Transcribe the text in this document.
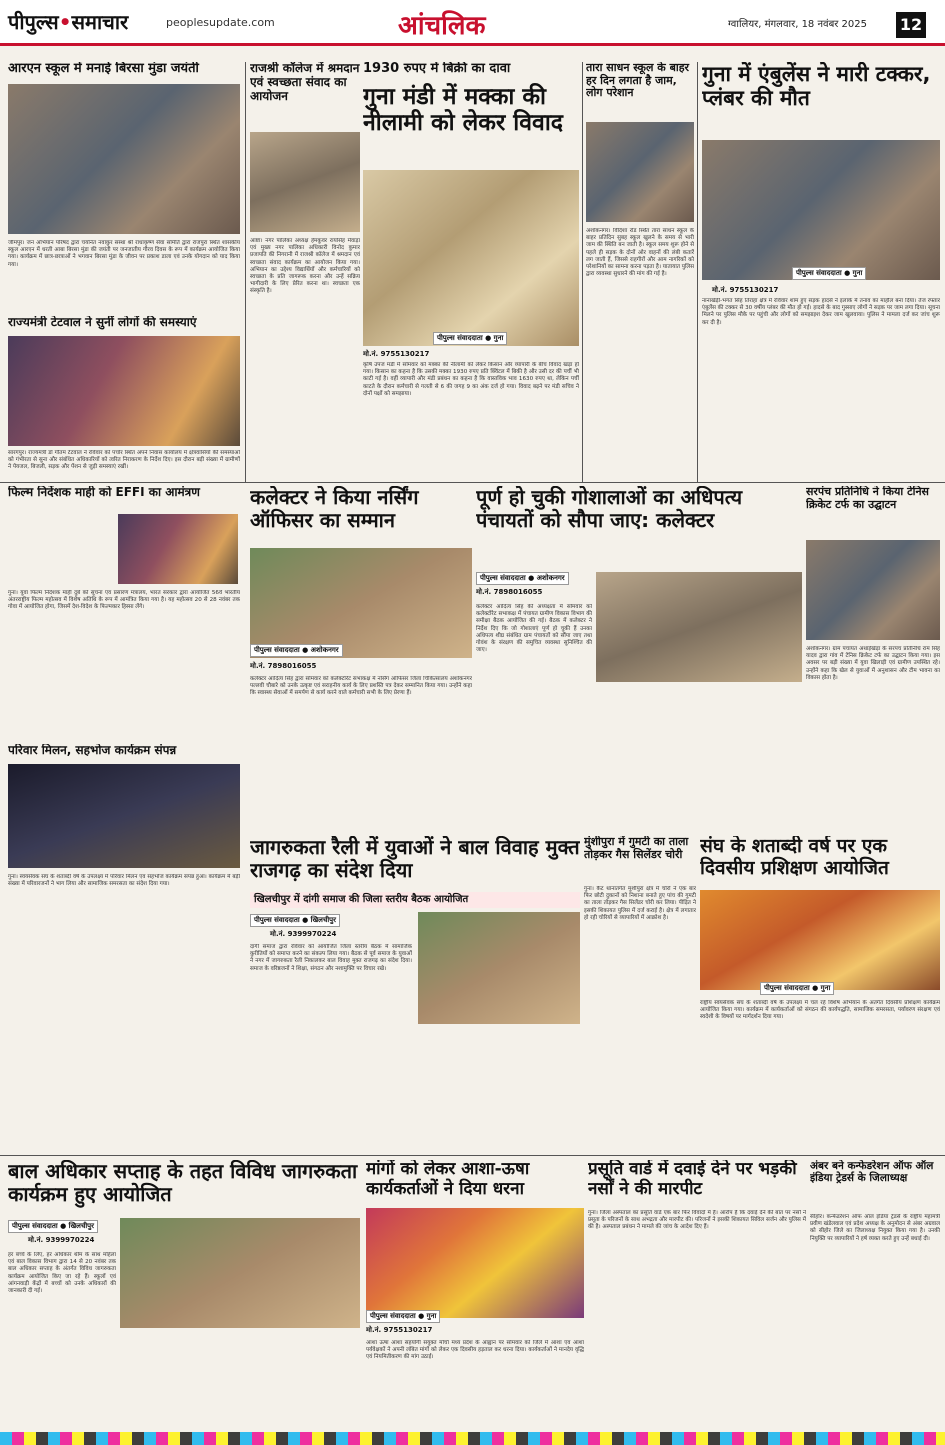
पीपुल्स•समाचार	peoplesupdate.com	आंचलिक	ग्वालियर, मंगलवार, 18 नवंबर 2025 12
आरएन स्कूल में मनाई बिरसा मुंडा जयंती
जीमपुर। जन अभियान परिषद द्वारा चयनित नवांकुर संस्था श्री राधाकृष्ण सेवा समिति द्वारा राजपुरा स्थित शासकीय स्कूल आरएन में धरती आबा बिरसा मुंडा की जयंती पर जनजातीय गौरव दिवस के रूप में कार्यक्रम आयोजित किया गया। कार्यक्रम में छात्र-छात्राओं ने भगवान बिरसा मुंडा के जीवन पर प्रकाश डाला एवं उनके योगदान को याद किया गया।
राजश्री कॉलेज में श्रमदान एवं स्वच्छता संवाद का आयोजन
आष्टा। नगर पालिका अध्यक्ष हेमकुंवर रायसिंह मेवाड़ा एवं मुख्य नगर पालिका अधिकारी विनोद कुमार प्रजापति की निगरानी में राजश्री कॉलेज में श्रमदान एवं स्वच्छता संवाद कार्यक्रम का आयोजन किया गया। अभियान का उद्देश्य विद्यार्थियों और कर्मचारियों को स्वच्छता के प्रति जागरूक करना और उन्हें सक्रिय भागीदारी के लिए प्रेरित करना था। स्वच्छता एक संस्कृति है।
1930 रुपए में बिक्री का दावा
गुना मंडी में मक्का की नीलामी को लेकर विवाद
पीपुल्स संवाददाता ● गुना
मो.नं. 9755130217
कृषि उपज मंडी में सोमवार को मक्का की नीलामी को लेकर किसान और व्यापारी के बीच विवाद खड़ा हो गया। किसान का कहना है कि उसकी मक्का 1930 रुपए प्रति क्विंटल में बिकी है और उसी दर की पर्ची भी काटी गई है। वहीं व्यापारी और मंडी प्रबंधन का कहना है कि वास्तविक भाव 1630 रुपए था, लेकिन पर्ची काटते के दौरान कर्मचारी से गलती से 6 की जगह 9 का अंक दर्ज हो गया। विवाद बढ़ने पर मंडी सचिव ने दोनों पक्षों को समझाया।
तारा साधन स्कूल के बाहर हर दिन लगता है जाम, लोग परेशान
अशोकनगर। विदिशा रोड स्थित तारा साधन स्कूल के बाहर प्रतिदिन सुबह स्कूल खुलने के समय से भारी जाम की स्थिति बन जाती है। स्कूल समय शुरू होने से पहले ही सड़क के दोनों ओर वाहनों की लंबी कतारें लग जाती हैं, जिससे राहगीरों और आम नागरिकों को परेशानियों का सामना करना पड़ता है। यातायात पुलिस द्वारा व्यवस्था सुधारने की मांग की गई है।
गुना में एंबुलेंस ने मारी टक्कर, प्लंबर की मौत
पीपुल्स संवाददाता ● गुना
मो.नं. 9755130217
नानाखेड़ी-भगत सिंह तिराहा क्षेत्र में रविवार शाम हुए सड़क हादसे ने इलाके में तनाव का माहौल बना दिया। तेज रफ्तार एंबुलेंस की टक्कर से 30 वर्षीय प्लंबर की मौत हो गई। हादसे के बाद गुस्साए लोगों ने सड़क पर जाम लगा दिया। सूचना मिलने पर पुलिस मौके पर पहुंची और लोगों को समझाइश देकर जाम खुलवाया। पुलिस ने मामला दर्ज कर जांच शुरू कर दी है।
राज्यमंत्री टेटवाल ने सुनीं लोगों की समस्याएं
सारंगपुर। राज्यमंत्री डॉ गौतम टेटवाल ने रविवार को पचोर स्थित अपने निवास कार्यालय में क्षेत्रवासियों की समस्याओं को गंभीरता से सुना और संबंधित अधिकारियों को त्वरित निराकरण के निर्देश दिए। इस दौरान बड़ी संख्या में ग्रामीणों ने पेयजल, बिजली, सड़क और पेंशन से जुड़ी समस्याएं रखीं।
फिल्म निर्देशक माही को EFFI का आमंत्रण
गुना। युवा फिल्म निर्देशक माही दुबे को सूचना एवं प्रसारण मंत्रालय, भारत सरकार द्वारा आयोजित 56वें भारतीय अंतरराष्ट्रीय फिल्म महोत्सव में विशेष अतिथि के रूप में आमंत्रित किया गया है। यह महोत्सव 20 से 28 नवंबर तक गोवा में आयोजित होगा, जिसमें देश-विदेश के फिल्मकार हिस्सा लेंगे।
परिवार मिलन, सहभोज कार्यक्रम संपन्न
गुना। स्वयंसेवक संघ के शताब्दी वर्ष के उपलक्ष्य में परिवार मिलन एवं सहभोज कार्यक्रम संपन्न हुआ। कार्यक्रम में बड़ी संख्या में परिवारजनों ने भाग लिया और सामाजिक समरसता का संदेश दिया गया।
कलेक्टर ने किया नर्सिंग ऑफिसर का सम्मान
पीपुल्स संवाददाता ● अशोकनगर
मो.नं. 7898016055
कलेक्टर आदित्य सिंह द्वारा सोमवार को कलेक्टोरेट सभाकक्ष में नर्सिंग ऑफिसर जिला चिकित्सालय अशोकनगर पल्लवी चौबारे को उनके उत्कृष्ट एवं सराहनीय कार्य के लिए प्रशस्ति पत्र देकर सम्मानित किया गया। उन्होंने कहा कि स्वास्थ्य सेवाओं में समर्पण से कार्य करने वाले कर्मचारी सभी के लिए प्रेरणा हैं।
पूर्ण हो चुकी गोशालाओं का अधिपत्य पंचायतों को सौपा जाए: कलेक्टर
पीपुल्स संवाददाता ● अशोकनगर
मो.नं. 7898016055
कलेक्टर आदित्य सिंह की अध्यक्षता में सोमवार को कलेक्टोरेट सभाकक्ष में पंचायत ग्रामीण विकास विभाग की समीक्षा बैठक आयोजित की गई। बैठक में कलेक्टर ने निर्देश दिए कि जो गोशालाएं पूर्ण हो चुकी हैं उनका अधिपत्य शीघ्र संबंधित ग्राम पंचायतों को सौंपा जाए तथा गोवंश के संरक्षण की समुचित व्यवस्था सुनिश्चित की जाए।
सरपंच प्रतिनिधि ने किया टेनिस क्रिकेट टर्फ का उद्घाटन
अशोकनगर। ग्राम पंचायत अथाईखेड़ा के सरपंच प्रतिनिधि राम सिंह यादव द्वारा गांव में टेनिस क्रिकेट टर्फ का उद्घाटन किया गया। इस अवसर पर बड़ी संख्या में युवा खिलाड़ी एवं ग्रामीण उपस्थित रहे। उन्होंने कहा कि खेल से युवाओं में अनुशासन और टीम भावना का विकास होता है।
जागरुकता रैली में युवाओं ने बाल विवाह मुक्त राजगढ़ का संदेश दिया
खिलचीपुर में दांगी समाज की जिला स्तरीय बैठक आयोजित
पीपुल्स संवाददाता ● खिलचीपुर
मो.नं. 9399970224
दांगी समाज द्वारा रविवार को आयोजित जिला स्तरीय बैठक में सामाजिक कुरीतियों को समाप्त करने का संकल्प लिया गया। बैठक से पूर्व समाज के युवाओं ने नगर में जागरुकता रैली निकालकर बाल विवाह मुक्त राजगढ़ का संदेश दिया। समाज के वरिष्ठजनों ने शिक्षा, संगठन और नशामुक्ति पर विचार रखे।
मुंशीपुरा में गुमटी का ताला तोड़कर गैस सिलेंडर चोरी
गुना। कैंट थानांतर्गत मुंशीपुरा क्षेत्र में चोरों ने एक बार फिर छोटी दुकानों को निशाना बनाते हुए पांच की गुमटी का ताला तोड़कर गैस सिलेंडर चोरी कर लिया। पीड़ित ने इसकी शिकायत पुलिस में दर्ज कराई है। क्षेत्र में लगातार हो रही चोरियों से व्यापारियों में आक्रोश है।
संघ के शताब्दी वर्ष पर एक दिवसीय प्रशिक्षण आयोजित
पीपुल्स संवाददाता ● गुना
राष्ट्रीय स्वयंसेवक संघ के शताब्दी वर्ष के उपलक्ष्य में चल रहे विशेष अभियान के अंतर्गत दिवसीय प्रशिक्षण कार्यक्रम आयोजित किया गया। कार्यक्रम में कार्यकर्ताओं को संगठन की कार्यपद्धति, सामाजिक समरसता, पर्यावरण संरक्षण एवं स्वदेशी के विषयों पर मार्गदर्शन दिया गया।
बाल अधिकार सप्ताह के तहत विविध जागरुकता कार्यक्रम हुए आयोजित
पीपुल्स संवाददाता ● खिलचीपुर
मो.नं. 9399970224
हर बच्चे के लिए, हर अधिकार थीम के साथ महिला एवं बाल विकास विभाग द्वारा 14 से 20 नवंबर तक बाल अधिकार सप्ताह के अंतर्गत विविध जागरुकता कार्यक्रम आयोजित किए जा रहे हैं। स्कूलों एवं आंगनवाड़ी केंद्रों में बच्चों को उनके अधिकारों की जानकारी दी गई।
मांगों को लेकर आशा-ऊषा कार्यकर्ताओं ने दिया धरना
पीपुल्स संवाददाता ● गुना
मो.नं. 9755130217
आशा ऊषा आशा सहयोगी संयुक्त मोर्चा मध्य प्रदेश के आह्वान पर सोमवार को जिले में आशा एवं आशा पर्यवेक्षकों ने अपनी लंबित मांगों को लेकर एक दिवसीय हड़ताल कर धरना दिया। कार्यकर्ताओं ने मानदेय वृद्धि एवं नियमितीकरण की मांग उठाई।
प्रसूति वार्ड में दवाई देने पर भड़की नर्सों ने की मारपीट
गुना। जिला अस्पताल का प्रसूति वार्ड एक बार फिर विवादों में है। आरोप है कि दवाई देने की बात पर नर्सों ने प्रसूता के परिजनों के साथ अभद्रता और मारपीट की। परिजनों ने इसकी शिकायत सिविल सर्जन और पुलिस में की है। अस्पताल प्रबंधन ने मामले की जांच के आदेश दिए हैं।
अंबर बने कन्फेडरेशन ऑफ ऑल इंडिया ट्रेडर्स के जिलाध्यक्ष
सीहोर। कन्फेडरेशन ऑफ ऑल इंडिया ट्रेडर्स के राष्ट्रीय महामंत्री प्रवीण खंडेलवाल एवं प्रदेश अध्यक्ष के अनुमोदन से अंबर अग्रवाल को सीहोर जिले का जिलाध्यक्ष नियुक्त किया गया है। उनकी नियुक्ति पर व्यापारियों ने हर्ष व्यक्त करते हुए उन्हें बधाई दी।
